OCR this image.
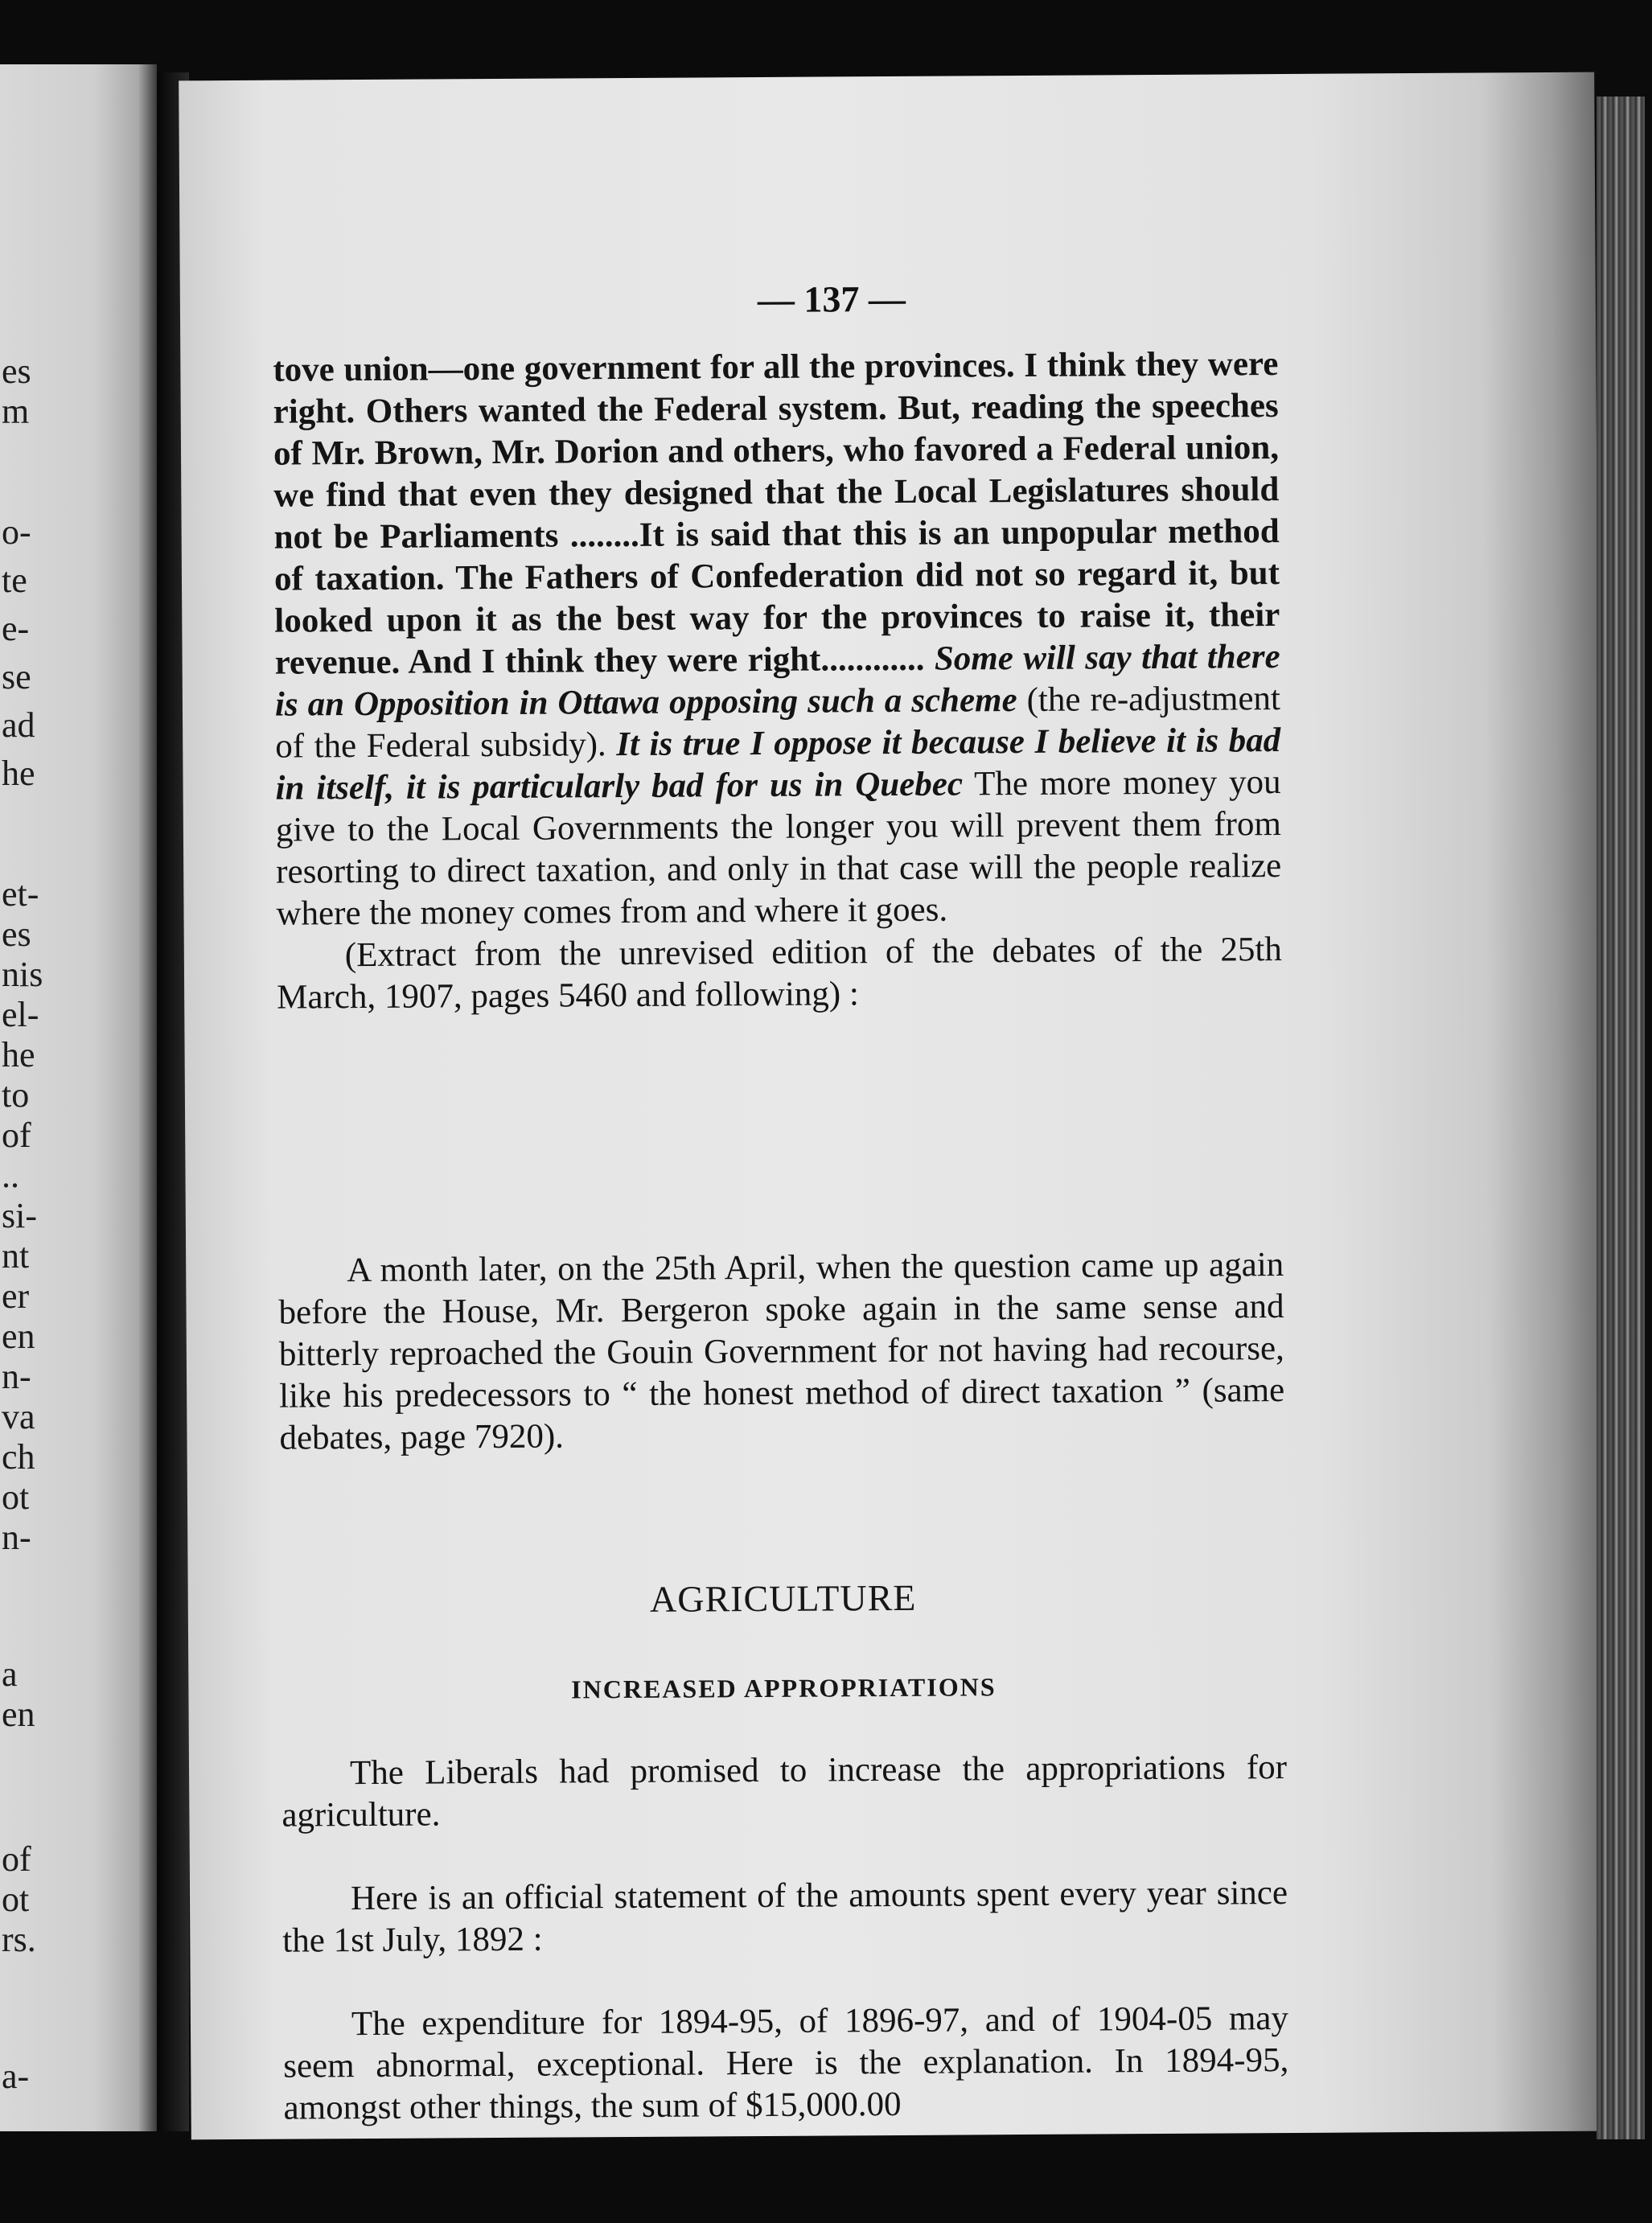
es
m
o-
te
e-
se
ad
he
et-
es
nis
el-
he
to
of
..
si-
nt
er
en
n-
va
ch
ot
n-
a
en
of
ot
rs.
a-
— 137 —

tove union—one government for all the provinces. I think they were right. Others wanted the Federal system. But, reading the speeches of Mr. Brown, Mr. Dorion and others, who favored a Federal union, we find that even they designed that the Local Legislatures should not be Parliaments ........It is said that this is an unpopular method of taxation. The Fathers of Confederation did not so regard it, but looked upon it as the best way for the provinces to raise it, their revenue. And I think they were right............ Some will say that there is an Opposition in Ottawa opposing such a scheme (the re-adjustment of the Federal subsidy). It is true I oppose it because I believe it is bad in itself, it is particularly bad for us in Quebec The more money you give to the Local Governments the longer you will prevent them from resorting to direct taxation, and only in that case will the people realize where the money comes from and where it goes.

(Extract from the unrevised edition of the debates of the 25th March, 1907, pages 5460 and following) :

A month later, on the 25th April, when the question came up again before the House, Mr. Bergeron spoke again in the same sense and bitterly reproached the Gouin Government for not having had recourse, like his predecessors to “ the honest method of direct taxation ” (same debates, page 7920).

AGRICULTURE
INCREASED APPROPRIATIONS

The Liberals had promised to increase the appropriations for agriculture.

Here is an official statement of the amounts spent every year since the 1st July, 1892 :

The expenditure for 1894-95, of 1896-97, and of 1904-05 may seem abnormal, exceptional. Here is the explanation. In 1894-95, amongst other things, the sum of $15,000.00
